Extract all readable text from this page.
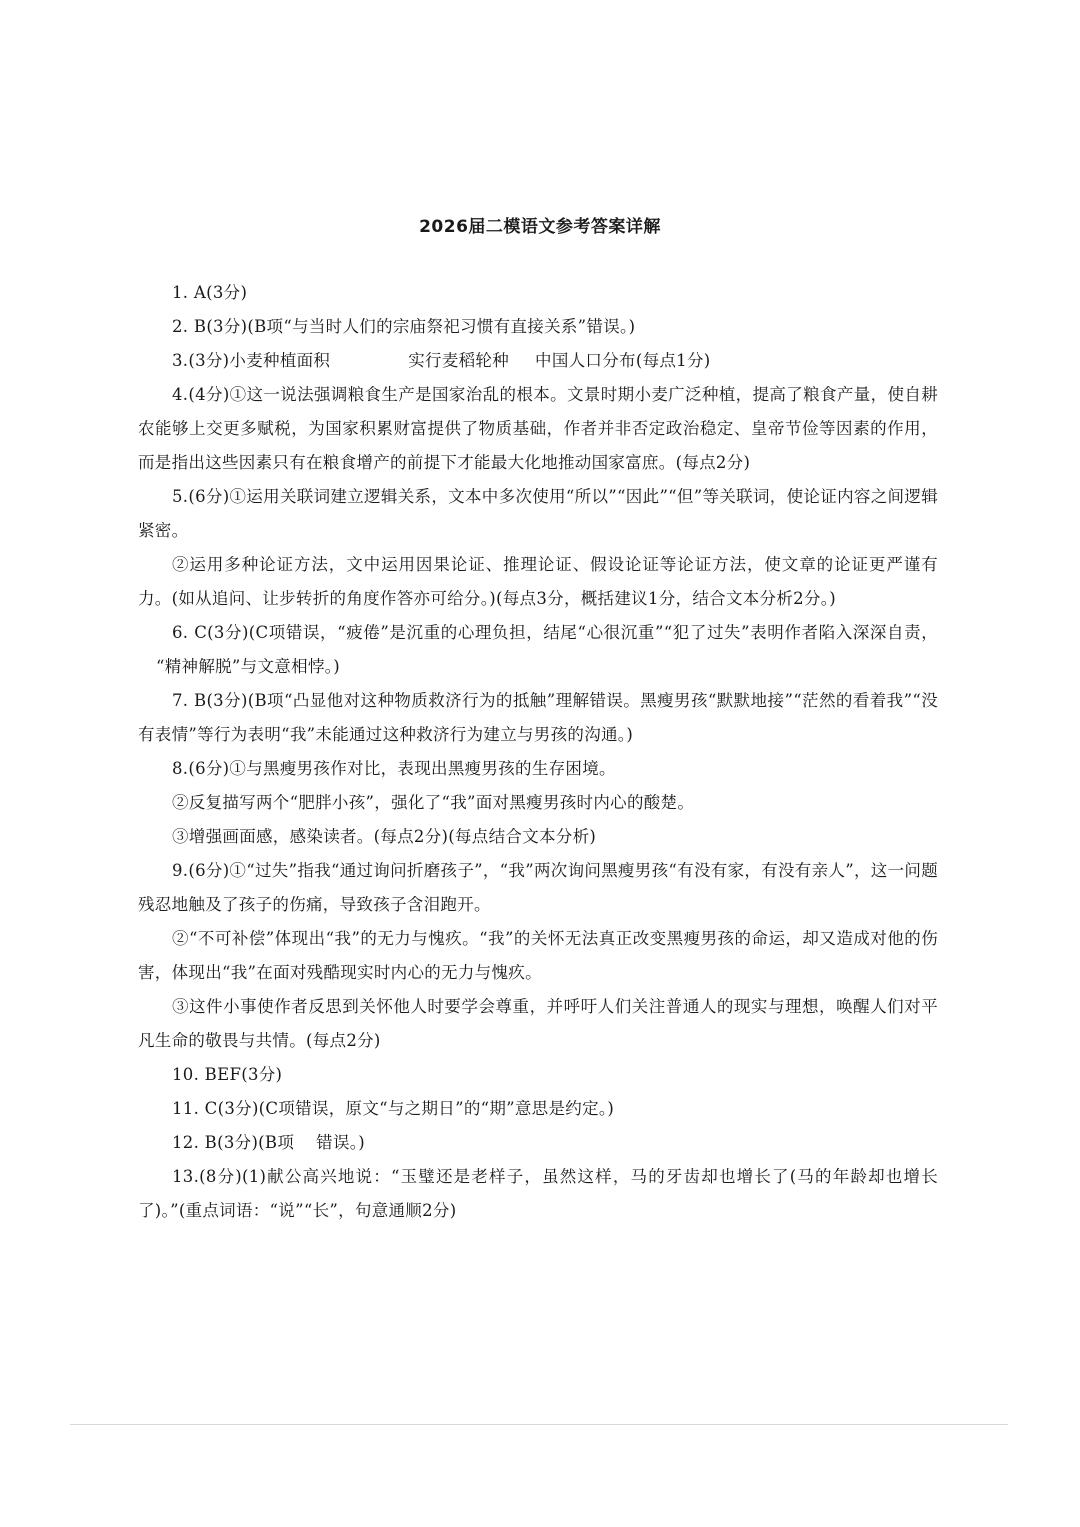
2026届二模语文参考答案详解

1. A(3分)

2. B(3分)(B项“与当时人们的宗庙祭祀习惯有直接关系”错误。)

3.(3分)小麦种植面积	实行麦稻轮种 中国人口分布(每点1分)

4.(4分)①这一说法强调粮食生产是国家治乱的根本。文景时期小麦广泛种植，提高了粮食产量，使自耕农能够上交更多赋税，为国家积累财富提供了物质基础，作者并非否定政治稳定、皇帝节俭等因素的作用，而是指出这些因素只有在粮食增产的前提下才能最大化地推动国家富庶。(每点2分)

5.(6分)①运用关联词建立逻辑关系，文本中多次使用“所以”“因此”“但”等关联词，使论证内容之间逻辑紧密。

②运用多种论证方法，文中运用因果论证、推理论证、假设论证等论证方法，使文章的论证更严谨有力。(如从追问、让步转折的角度作答亦可给分。)(每点3分，概括建议1分，结合文本分析2分。)

6. C(3分)(C项错误，“疲倦”是沉重的心理负担，结尾“心很沉重”“犯了过失”表明作者陷入深深自责，“精神解脱”与文意相悖。)

7. B(3分)(B项“凸显他对这种物质救济行为的抵触”理解错误。黑瘦男孩“默默地接”“茫然的看着我”“没有表情”等行为表明“我”未能通过这种救济行为建立与男孩的沟通。)

8.(6分)①与黑瘦男孩作对比，表现出黑瘦男孩的生存困境。

②反复描写两个“肥胖小孩”，强化了“我”面对黑瘦男孩时内心的酸楚。

③增强画面感，感染读者。(每点2分)(每点结合文本分析)

9.(6分)①“过失”指我“通过询问折磨孩子”，“我”两次询问黑瘦男孩“有没有家，有没有亲人”，这一问题残忍地触及了孩子的伤痛，导致孩子含泪跑开。

②“不可补偿”体现出“我”的无力与愧疚。“我”的关怀无法真正改变黑瘦男孩的命运，却又造成对他的伤害，体现出“我”在面对残酷现实时内心的无力与愧疚。

③这件小事使作者反思到关怀他人时要学会尊重，并呼吁人们关注普通人的现实与理想，唤醒人们对平凡生命的敬畏与共情。(每点2分)

10. BEF(3分)

11. C(3分)(C项错误，原文“与之期日”的“期”意思是约定。)

12. B(3分)(B项 错误。)

13.(8分)(1)献公高兴地说：“玉璧还是老样子，虽然这样，马的牙齿却也增长了(马的年龄却也增长了)。”(重点词语：“说”“长”，句意通顺2分)
